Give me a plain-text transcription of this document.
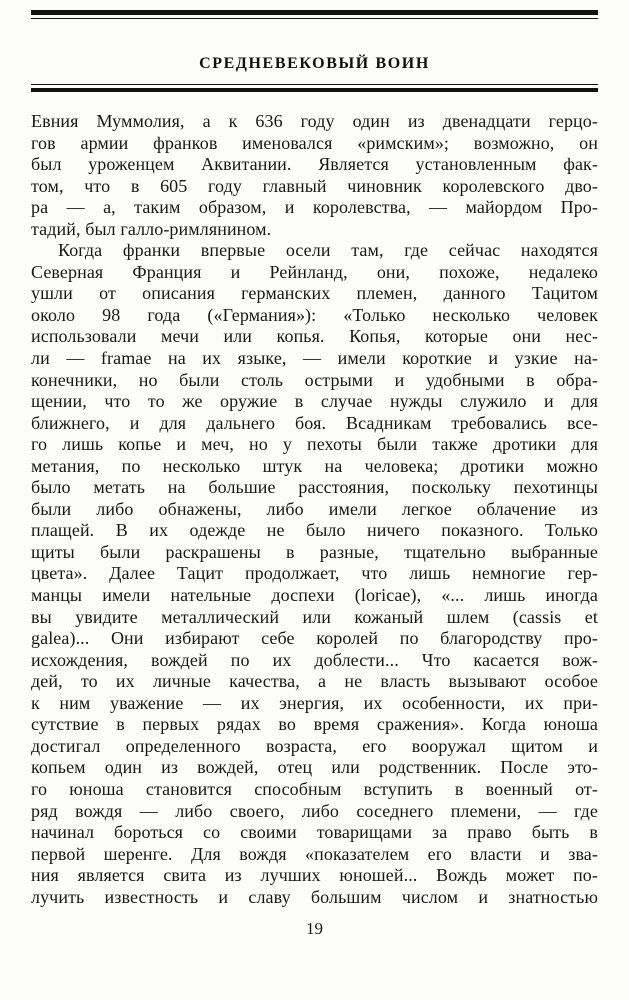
СРЕДНЕВЕКОВЫЙ ВОИН
Евния Муммолия, а к 636 году один из двенадцати герцо-
гов армии франков именовался «римским»; возможно, он
был уроженцем Аквитании. Является установленным фак-
том, что в 605 году главный чиновник королевского дво-
ра — а, таким образом, и королевства, — майордом Про-
тадий, был галло-римлянином.
Когда франки впервые осели там, где сейчас находятся
Северная Франция и Рейнланд, они, похоже, недалеко
ушли от описания германских племен, данного Тацитом
около 98 года («Германия»): «Только несколько человек
использовали мечи или копья. Копья, которые они нес-
ли — framae на их языке, — имели короткие и узкие на-
конечники, но были столь острыми и удобными в обра-
щении, что то же оружие в случае нужды служило и для
ближнего, и для дальнего боя. Всадникам требовались все-
го лишь копье и меч, но у пехоты были также дротики для
метания, по несколько штук на человека; дротики можно
было метать на большие расстояния, поскольку пехотинцы
были либо обнажены, либо имели легкое облачение из
плащей. В их одежде не было ничего показного. Только
щиты были раскрашены в разные, тщательно выбранные
цвета». Далее Тацит продолжает, что лишь немногие гер-
манцы имели нательные доспехи (loricae), «... лишь иногда
вы увидите металлический или кожаный шлем (cassis et
galea)... Они избирают себе королей по благородству про-
исхождения, вождей по их доблести... Что касается вож-
дей, то их личные качества, а не власть вызывают особое
к ним уважение — их энергия, их особенности, их при-
сутствие в первых рядах во время сражения». Когда юноша
достигал определенного возраста, его вооружал щитом и
копьем один из вождей, отец или родственник. После это-
го юноша становится способным вступить в военный от-
ряд вождя — либо своего, либо соседнего племени, — где
начинал бороться со своими товарищами за право быть в
первой шеренге. Для вождя «показателем его власти и зва-
ния является свита из лучших юношей... Вождь может по-
лучить известность и славу большим числом и знатностью
19
